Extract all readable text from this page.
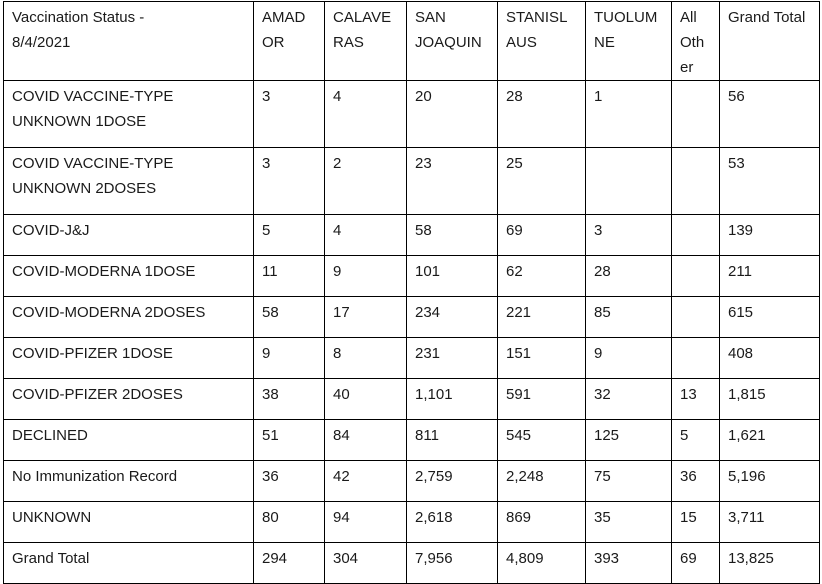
Vaccination Status -
8/4/2021	AMADOR	CALAVERAS	SAN JOAQUIN	STANISLAUS	TUOLUMNE	All Other	Grand Total
COVID VACCINE-TYPE UNKNOWN 1DOSE	3	4	20	28	1		56
COVID VACCINE-TYPE UNKNOWN 2DOSES	3	2	23	25			53
COVID-J&J	5	4	58	69	3		139
COVID-MODERNA 1DOSE	11	9	101	62	28		211
COVID-MODERNA 2DOSES	58	17	234	221	85		615
COVID-PFIZER 1DOSE	9	8	231	151	9		408
COVID-PFIZER 2DOSES	38	40	1,101	591	32	13	1,815
DECLINED	51	84	811	545	125	5	1,621
No Immunization Record	36	42	2,759	2,248	75	36	5,196
UNKNOWN	80	94	2,618	869	35	15	3,711
Grand Total	294	304	7,956	4,809	393	69	13,825
